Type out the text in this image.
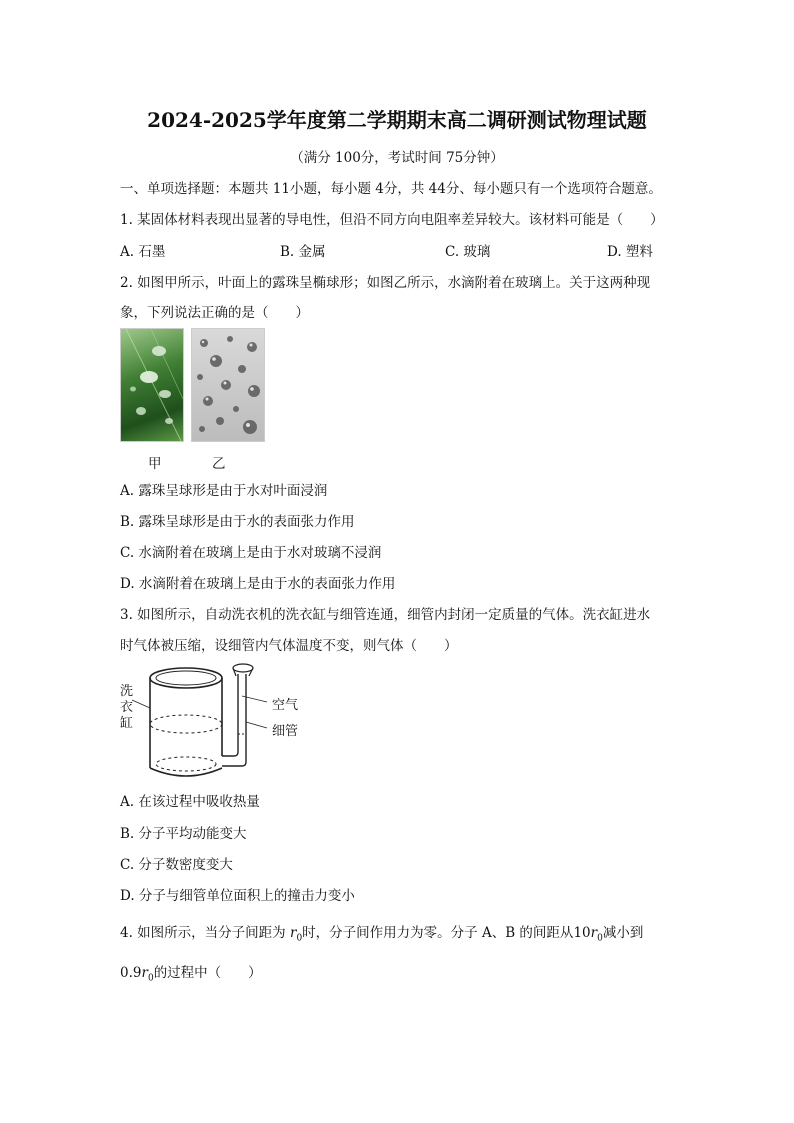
2024-2025学年度第二学期期末高二调研测试物理试题
（满分 100分，考试时间 75分钟）
一、单项选择题：本题共 11小题，每小题 4分，共 44分、每小题只有一个选项符合题意。
1. 某固体材料表现出显著的导电性，但沿不同方向电阻率差异较大。该材料可能是（　　）
A. 石墨	B. 金属	C. 玻璃	D. 塑料
2. 如图甲所示，叶面上的露珠呈椭球形；如图乙所示，水滴附着在玻璃上。关于这两种现
象，下列说法正确的是（　　）
甲	乙
A. 露珠呈球形是由于水对叶面浸润
B. 露珠呈球形是由于水的表面张力作用
C. 水滴附着在玻璃上是由于水对玻璃不浸润
D. 水滴附着在玻璃上是由于水的表面张力作用
3. 如图所示，自动洗衣机的洗衣缸与细管连通，细管内封闭一定质量的气体。洗衣缸进水
时气体被压缩，设细管内气体温度不变，则气体（　　）
洗
衣
缸
空气
细管
A. 在该过程中吸收热量
B. 分子平均动能变大
C. 分子数密度变大
D. 分子与细管单位面积上的撞击力变小
4. 如图所示，当分子间距为 $r_0$时，分子间作用力为零。分子 A、B 的间距从$10r_0$减小到
$0.9r_0$的过程中（　　）
